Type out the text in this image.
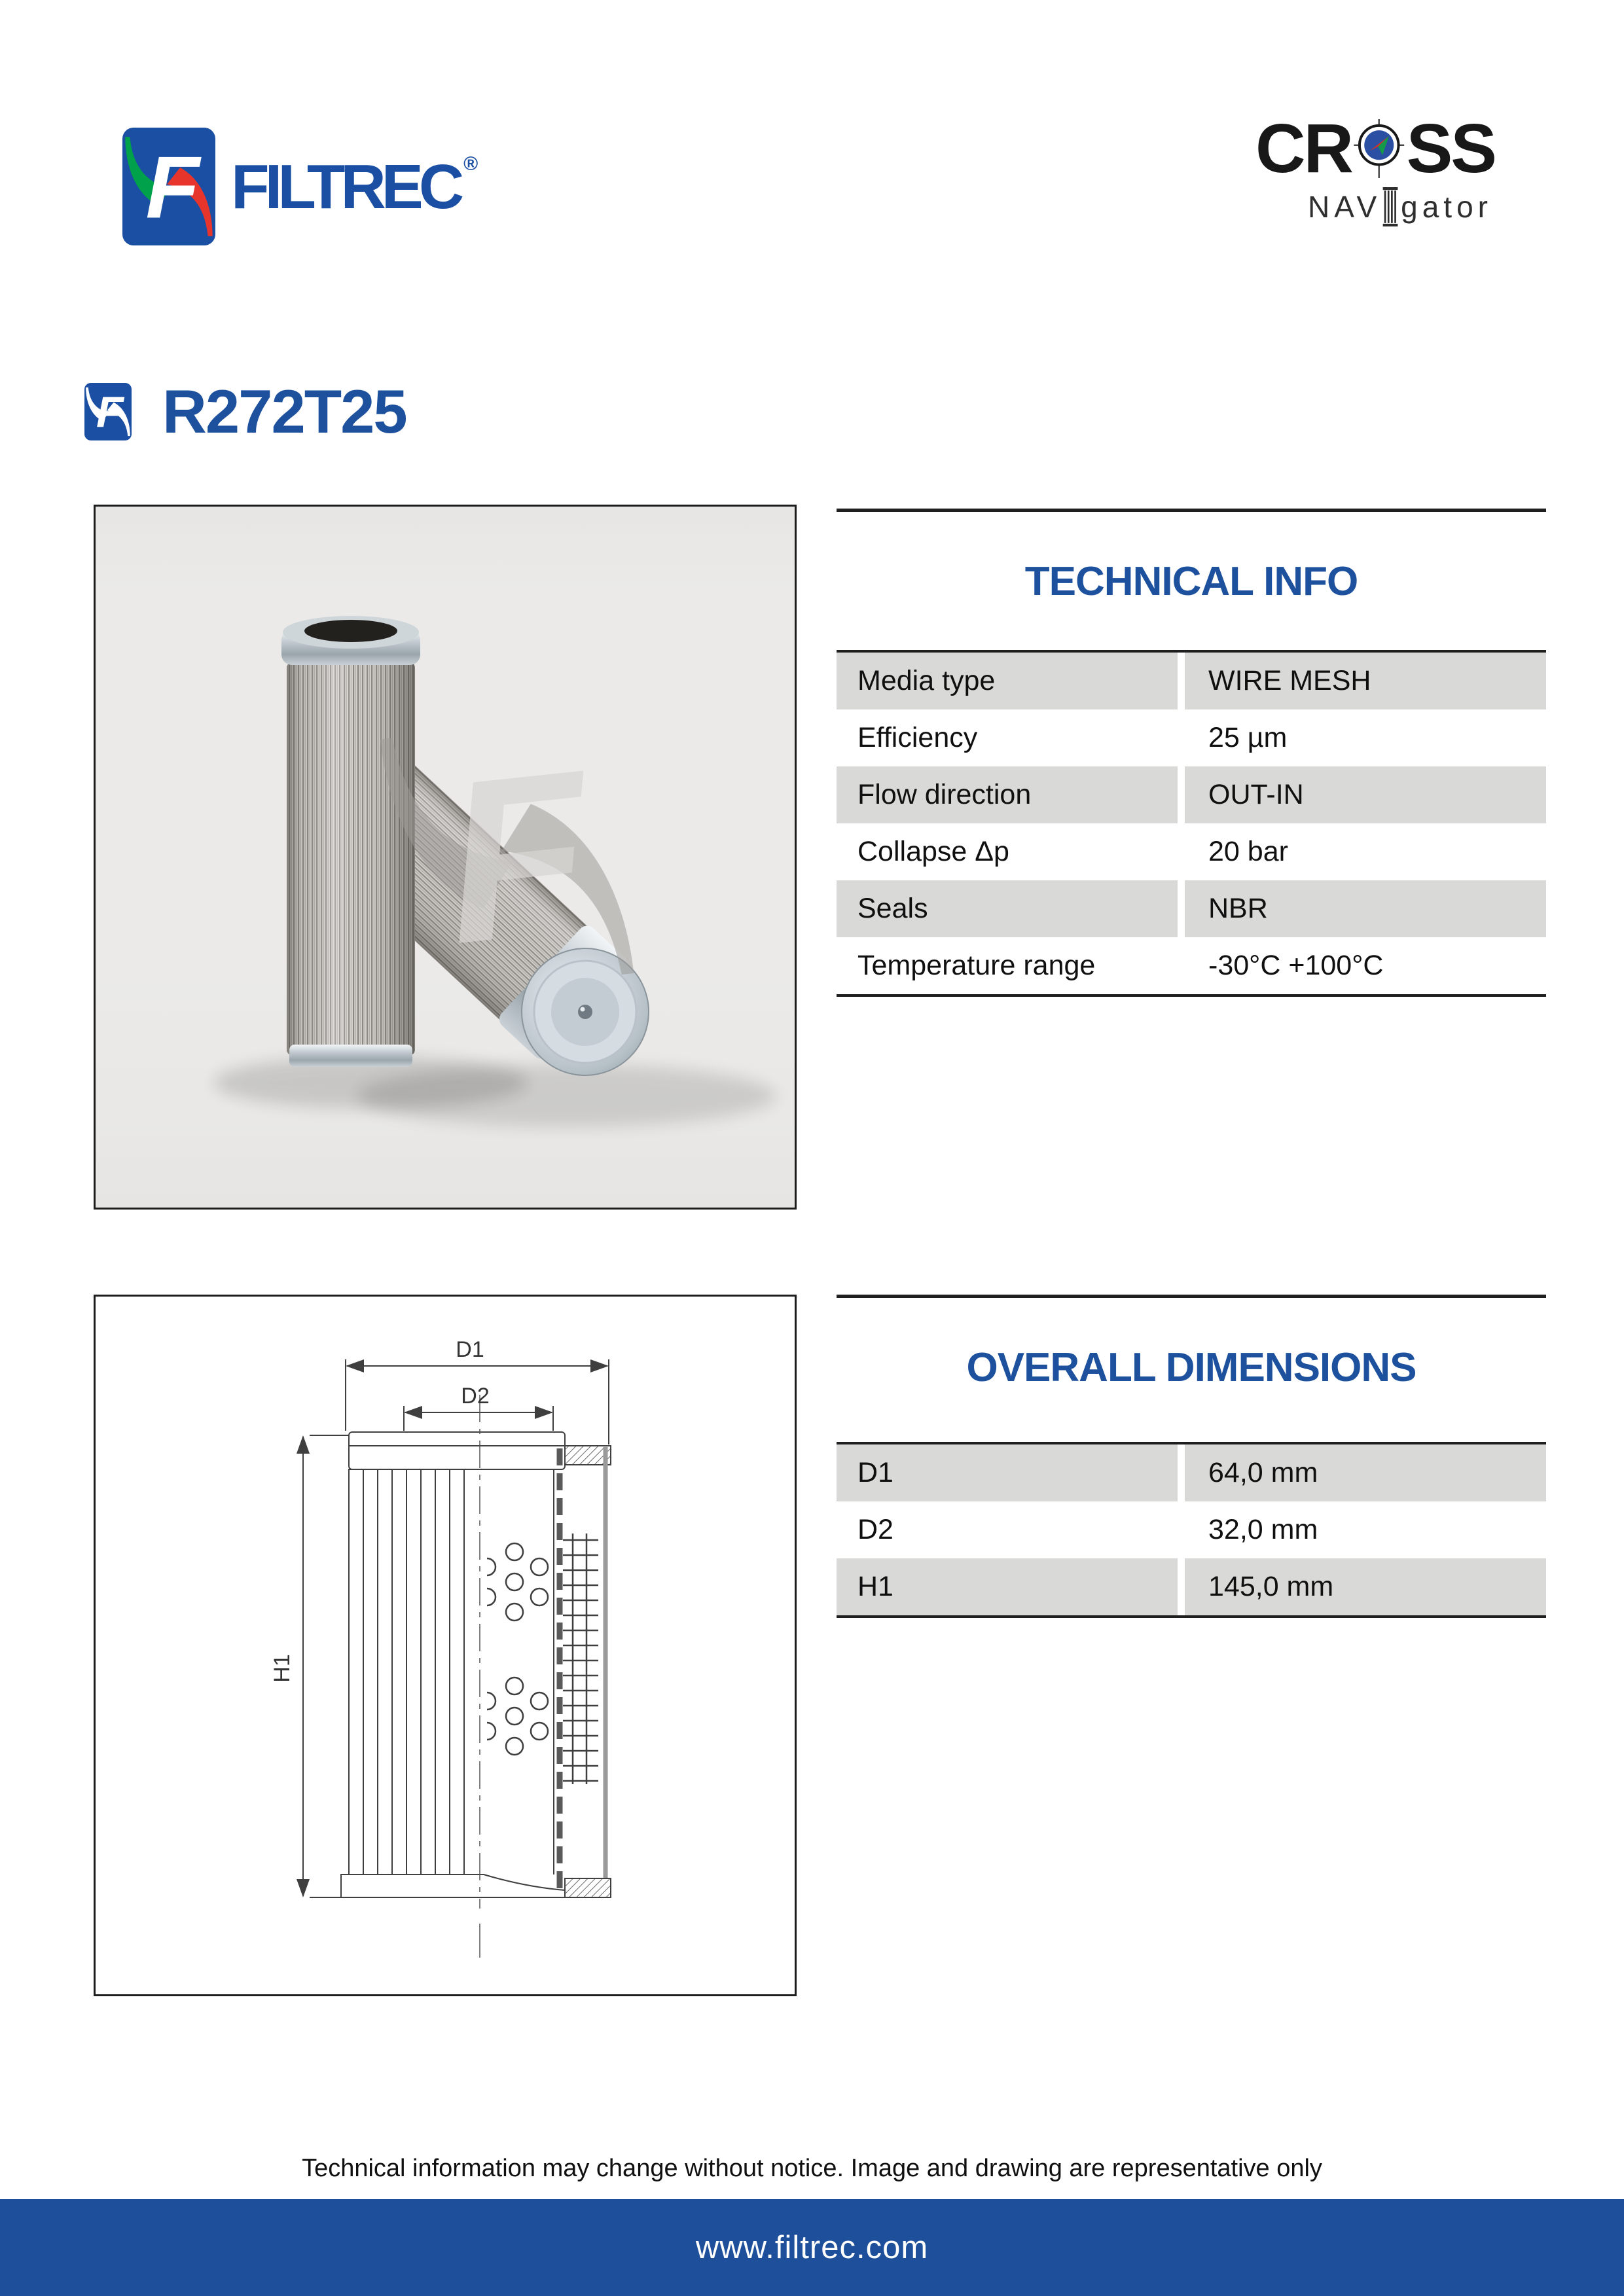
FILTREC ®	CR SS
NAV gator
R272T25
TECHNICAL INFO
Media type	WIRE MESH
Efficiency	25 µm
Flow direction	OUT-IN
Collapse Δp	20 bar
Seals	NBR
Temperature range	-30°C +100°C
D1
D2
H1
OVERALL DIMENSIONS
D1	64,0 mm
D2	32,0 mm
H1	145,0 mm
Technical information may change without notice. Image and drawing are representative only
www.filtrec.com
